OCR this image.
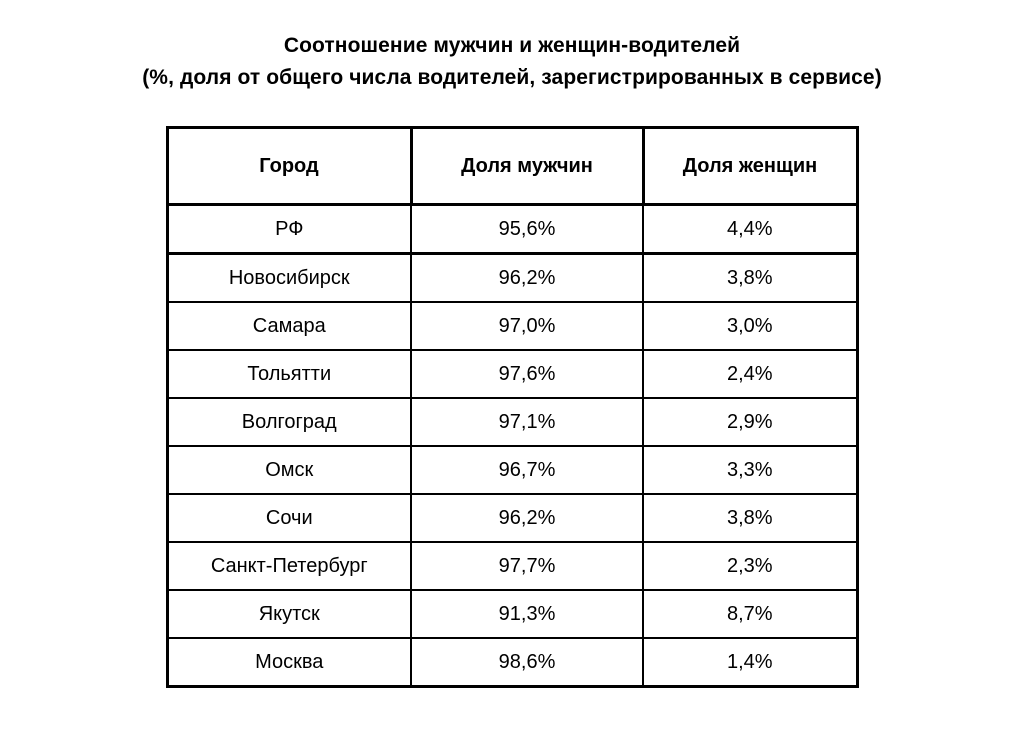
Соотношение мужчин и женщин-водителей
(%, доля от общего числа водителей, зарегистрированных в сервисе)
Город	Доля мужчин	Доля женщин
РФ	95,6%	4,4%
Новосибирск	96,2%	3,8%
Самара	97,0%	3,0%
Тольятти	97,6%	2,4%
Волгоград	97,1%	2,9%
Омск	96,7%	3,3%
Сочи	96,2%	3,8%
Санкт-Петербург	97,7%	2,3%
Якутск	91,3%	8,7%
Москва	98,6%	1,4%
